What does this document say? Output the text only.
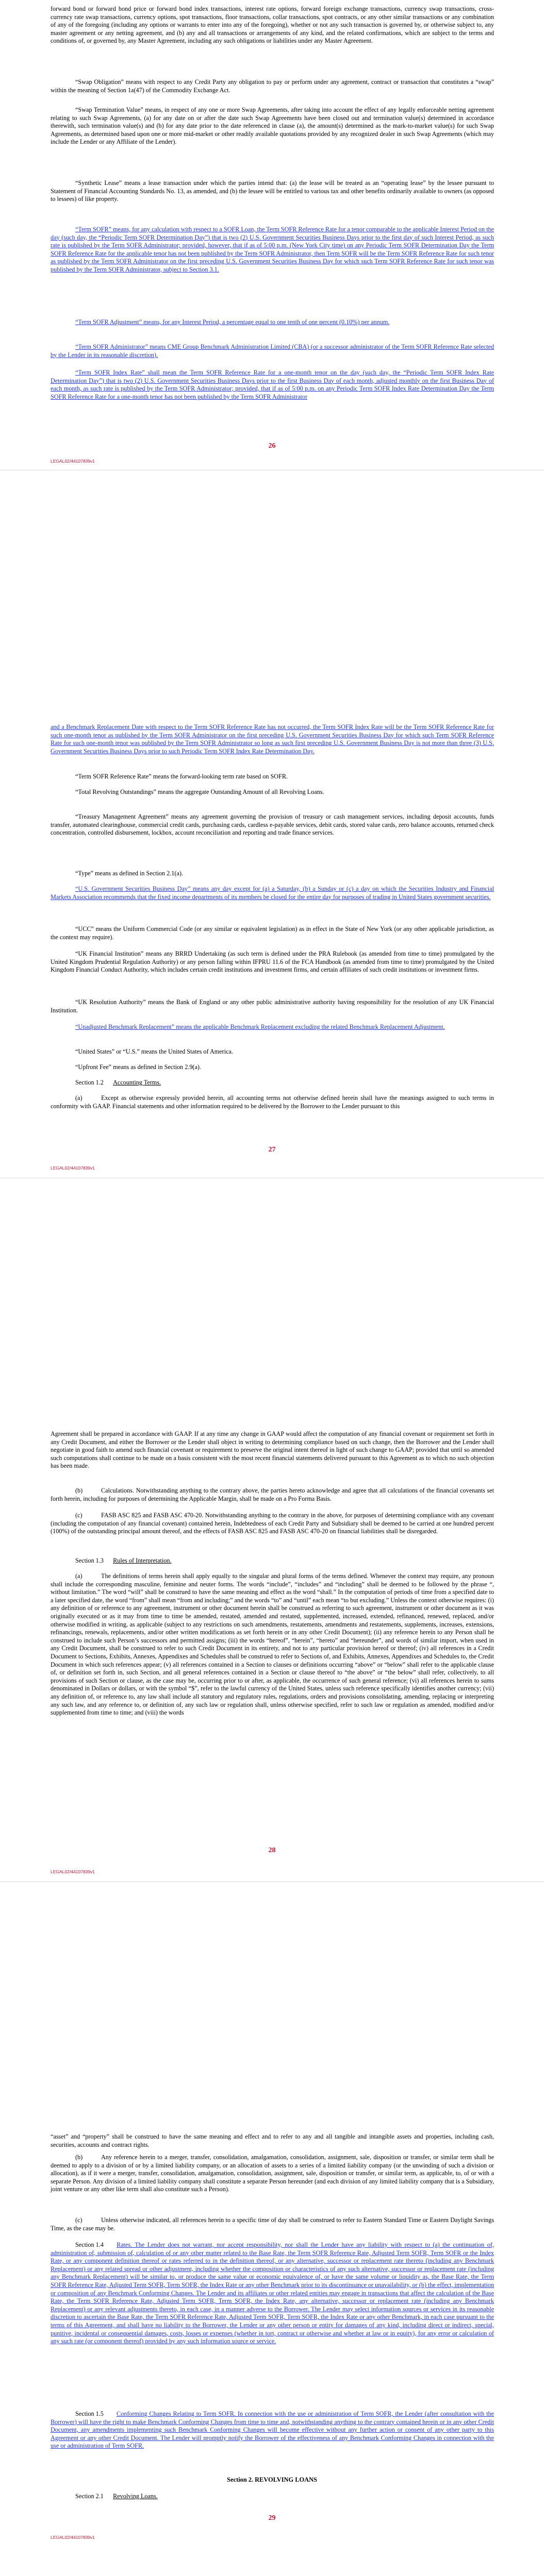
forward bond or forward bond price or forward bond index transactions, interest rate options, forward foreign exchange transactions, currency swap transactions, cross-currency rate swap transactions, currency options, spot transactions, floor transactions, collar transactions, spot contracts, or any other similar transactions or any combination of any of the foregoing (including any options or warrants to enter into any of the foregoing), whether or not any such transaction is governed by, or otherwise subject to, any master agreement or any netting agreement, and (b) any and all transactions or arrangements of any kind, and the related confirmations, which are subject to the terms and conditions of, or governed by, any Master Agreement, including any such obligations or liabilities under any Master Agreement.

“Swap Obligation” means with respect to any Credit Party any obligation to pay or perform under any agreement, contract or transaction that constitutes a “swap” within the meaning of Section 1a(47) of the Commodity Exchange Act.

“Swap Termination Value” means, in respect of any one or more Swap Agreements, after taking into account the effect of any legally enforceable netting agreement relating to such Swap Agreements, (a) for any date on or after the date such Swap Agreements have been closed out and termination value(s) determined in accordance therewith, such termination value(s) and (b) for any date prior to the date referenced in clause (a), the amount(s) determined as the mark-to-market value(s) for such Swap Agreements, as determined based upon one or more mid-market or other readily available quotations provided by any recognized dealer in such Swap Agreements (which may include the Lender or any Affiliate of the Lender).

“Synthetic Lease” means a lease transaction under which the parties intend that: (a) the lease will be treated as an “operating lease” by the lessee pursuant to Statement of Financial Accounting Standards No. 13, as amended, and (b) the lessee will be entitled to various tax and other benefits ordinarily available to owners (as opposed to lessees) of like property.

“Term SOFR” means, for any calculation with respect to a SOFR Loan, the Term SOFR Reference Rate for a tenor comparable to the applicable Interest Period on the day (such day, the “Periodic Term SOFR Determination Day”) that is two (2) U.S. Government Securities Business Days prior to the first day of such Interest Period, as such rate is published by the Term SOFR Administrator; provided, however, that if as of 5:00 p.m. (New York City time) on any Periodic Term SOFR Determination Day the Term SOFR Reference Rate for the applicable tenor has not been published by the Term SOFR Administrator, then Term SOFR will be the Term SOFR Reference Rate for such tenor as published by the Term SOFR Administrator on the first preceding U.S. Government Securities Business Day for which such Term SOFR Reference Rate for such tenor was published by the Term SOFR Administrator, subject to Section 3.1.

“Term SOFR Adjustment” means, for any Interest Period, a percentage equal to one tenth of one percent (0.10%) per annum.

“Term SOFR Administrator” means CME Group Benchmark Administration Limited (CBA) (or a successor administrator of the Term SOFR Reference Rate selected by the Lender in its reasonable discretion).

“Term SOFR Index Rate” shall mean the Term SOFR Reference Rate for a one-month tenor on the day (such day, the “Periodic Term SOFR Index Rate Determination Day”) that is two (2) U.S. Government Securities Business Days prior to the first Business Day of each month, adjusted monthly on the first Business Day of each month, as such rate is published by the Term SOFR Administrator; provided, that if as of 5:00 p.m. on any Periodic Term SOFR Index Rate Determination Day the Term SOFR Reference Rate for a one-month tenor has not been published by the Term SOFR Administrator

26
LEGAL02/44107839v1

and a Benchmark Replacement Date with respect to the Term SOFR Reference Rate has not occurred, the Term SOFR Index Rate will be the Term SOFR Reference Rate for such one-month tenor as published by the Term SOFR Administrator on the first preceding U.S. Government Securities Business Day for which such Term SOFR Reference Rate for such one-month tenor was published by the Term SOFR Administrator so long as such first preceding U.S. Government Business Day is not more than three (3) U.S. Government Securities Business Days prior to such Periodic Term SOFR Index Rate Determination Day.

“Term SOFR Reference Rate” means the forward-looking term rate based on SOFR.

“Total Revolving Outstandings” means the aggregate Outstanding Amount of all Revolving Loans.

“Treasury Management Agreement” means any agreement governing the provision of treasury or cash management services, including deposit accounts, funds transfer, automated clearinghouse, commercial credit cards, purchasing cards, cardless e-payable services, debit cards, stored value cards, zero balance accounts, returned check concentration, controlled disbursement, lockbox, account reconciliation and reporting and trade finance services.

“Type” means as defined in Section 2.1(a).

“U.S. Government Securities Business Day” means any day except for (a) a Saturday, (b) a Sunday or (c) a day on which the Securities Industry and Financial Markets Association recommends that the fixed income departments of its members be closed for the entire day for purposes of trading in United States government securities.

“UCC” means the Uniform Commercial Code (or any similar or equivalent legislation) as in effect in the State of New York (or any other applicable jurisdiction, as the context may require).

“UK Financial Institution” means any BRRD Undertaking (as such term is defined under the PRA Rulebook (as amended from time to time) promulgated by the United Kingdom Prudential Regulation Authority) or any person falling within IFPRU 11.6 of the FCA Handbook (as amended from time to time) promulgated by the United Kingdom Financial Conduct Authority, which includes certain credit institutions and investment firms, and certain affiliates of such credit institutions or investment firms.

“UK Resolution Authority” means the Bank of England or any other public administrative authority having responsibility for the resolution of any UK Financial Institution.

“Unadjusted Benchmark Replacement” means the applicable Benchmark Replacement excluding the related Benchmark Replacement Adjustment.

“United States” or “U.S.” means the United States of America.

“Upfront Fee” means as defined in Section 2.9(a).

Section 1.2 Accounting Terms.
(a)	Except as otherwise expressly provided herein, all accounting terms not otherwise defined herein shall have the meanings assigned to such terms in conformity with GAAP. Financial statements and other information required to be delivered by the Borrower to the Lender pursuant to this

27
LEGAL02/44107839v1

Agreement shall be prepared in accordance with GAAP. If at any time any change in GAAP would affect the computation of any financial covenant or requirement set forth in any Credit Document, and either the Borrower or the Lender shall object in writing to determining compliance based on such change, then the Borrower and the Lender shall negotiate in good faith to amend such financial covenant or requirement to preserve the original intent thereof in light of such change to GAAP; provided that until so amended such computations shall continue to be made on a basis consistent with the most recent financial statements delivered pursuant to this Agreement as to which no such objection has been made.

(b)	Calculations. Notwithstanding anything to the contrary above, the parties hereto acknowledge and agree that all calculations of the financial covenants set forth herein, including for purposes of determining the Applicable Margin, shall be made on a Pro Forma Basis.

(c)	FASB ASC 825 and FASB ASC 470-20. Notwithstanding anything to the contrary in the above, for purposes of determining compliance with any covenant (including the computation of any financial covenant) contained herein, Indebtedness of each Credit Party and Subsidiary shall be deemed to be carried at one hundred percent (100%) of the outstanding principal amount thereof, and the effects of FASB ASC 825 and FASB ASC 470-20 on financial liabilities shall be disregarded.

Section 1.3 Rules of Interpretation.
(a)	The definitions of terms herein shall apply equally to the singular and plural forms of the terms defined. Whenever the context may require, any pronoun shall include the corresponding masculine, feminine and neuter forms. The words “include”, “includes” and “including” shall be deemed to be followed by the phrase “, without limitation.” The word “will” shall be construed to have the same meaning and effect as the word “shall.” In the computation of periods of time from a specified date to a later specified date, the word “from” shall mean “from and including;” and the words “to” and “until” each mean “to but excluding.” Unless the context otherwise requires: (i) any definition of or reference to any agreement, instrument or other document herein shall be construed as referring to such agreement, instrument or other document as it was originally executed or as it may from time to time be amended, restated, amended and restated, supplemented, increased, extended, refinanced, renewed, replaced, and/or otherwise modified in writing, as applicable (subject to any restrictions on such amendments, restatements, amendments and restatements, supplements, increases, extensions, refinancings, renewals, replacements, and/or other written modifications as set forth herein or in any other Credit Document); (ii) any reference herein to any Person shall be construed to include such Person’s successors and permitted assigns; (iii) the words “hereof”, “herein”, “hereto” and “hereunder”, and words of similar import, when used in any Credit Document, shall be construed to refer to such Credit Document in its entirety, and not to any particular provision hereof or thereof; (iv) all references in a Credit Document to Sections, Exhibits, Annexes, Appendixes and Schedules shall be construed to refer to Sections of, and Exhibits, Annexes, Appendixes and Schedules to, the Credit Document in which such references appear; (v) all references contained in a Section to clauses or definitions occurring “above” or “below” shall refer to the applicable clause of, or definition set forth in, such Section, and all general references contained in a Section or clause thereof to “the above” or “the below” shall refer, collectively, to all provisions of such Section or clause, as the case may be, occurring prior to or after, as applicable, the occurrence of such general reference; (vi) all references herein to sums denominated in Dollars or dollars, or with the symbol “$”, refer to the lawful currency of the United States, unless such reference specifically identifies another currency; (vii) any definition of, or reference to, any law shall include all statutory and regulatory rules, regulations, orders and provisions consolidating, amending, replacing or interpreting any such law, and any reference to, or definition of, any such law or regulation shall, unless otherwise specified, refer to such law or regulation as amended, modified and/or supplemented from time to time; and (viii) the words

28
LEGAL02/44107839v1

“asset” and “property” shall be construed to have the same meaning and effect and to refer to any and all tangible and intangible assets and properties, including cash, securities, accounts and contract rights.

(b)	Any reference herein to a merger, transfer, consolidation, amalgamation, consolidation, assignment, sale, disposition or transfer, or similar term shall be deemed to apply to a division of or by a limited liability company, or an allocation of assets to a series of a limited liability company (or the unwinding of such a division or allocation), as if it were a merger, transfer, consolidation, amalgamation, consolidation, assignment, sale, disposition or transfer, or similar term, as applicable, to, of or with a separate Person. Any division of a limited liability company shall constitute a separate Person hereunder (and each division of any limited liability company that is a Subsidiary, joint venture or any other like term shall also constitute such a Person).

(c)	Unless otherwise indicated, all references herein to a specific time of day shall be construed to refer to Eastern Standard Time or Eastern Daylight Savings Time, as the case may be.

Section 1.4	Rates. The Lender does not warrant, nor accept responsibility, nor shall the Lender have any liability with respect to (a) the continuation of, administration of, submission of, calculation of or any other matter related to the Base Rate, the Term SOFR Reference Rate, Adjusted Term SOFR, Term SOFR or the Index Rate, or any component definition thereof or rates referred to in the definition thereof, or any alternative, successor or replacement rate thereto (including any Benchmark Replacement) or any related spread or other adjustment, including whether the composition or characteristics of any such alternative, successor or replacement rate (including any Benchmark Replacement) will be similar to, or produce the same value or economic equivalence of, or have the same volume or liquidity as, the Base Rate, the Term SOFR Reference Rate, Adjusted Term SOFR, Term SOFR, the Index Rate or any other Benchmark prior to its discontinuance or unavailability, or (b) the effect, implementation or composition of any Benchmark Conforming Changes. The Lender and its affiliates or other related entities may engage in transactions that affect the calculation of the Base Rate, the Term SOFR Reference Rate, Adjusted Term SOFR, Term SOFR, the Index Rate, any alternative, successor or replacement rate (including any Benchmark Replacement) or any relevant adjustments thereto, in each case, in a manner adverse to the Borrower. The Lender may select information sources or services in its reasonable discretion to ascertain the Base Rate, the Term SOFR Reference Rate, Adjusted Term SOFR, Term SOFR, the Index Rate or any other Benchmark, in each case pursuant to the terms of this Agreement, and shall have no liability to the Borrower, the Lender or any other person or entity for damages of any kind, including direct or indirect, special, punitive, incidental or consequential damages, costs, losses or expenses (whether in tort, contract or otherwise and whether at law or in equity), for any error or calculation of any such rate (or component thereof) provided by any such information source or service.

Section 1.5	Conforming Changes Relating to Term SOFR. In connection with the use or administration of Term SOFR, the Lender (after consultation with the Borrower) will have the right to make Benchmark Conforming Changes from time to time and, notwithstanding anything to the contrary contained herein or in any other Credit Document, any amendments implementing such Benchmark Conforming Changes will become effective without any further action or consent of any other party to this Agreement or any other Credit Document. The Lender will promptly notify the Borrower of the effectiveness of any Benchmark Conforming Changes in connection with the use or administration of Term SOFR.

Section 2. REVOLVING LOANS
Section 2.1 Revolving Loans.
29
LEGAL02/44107839v1
